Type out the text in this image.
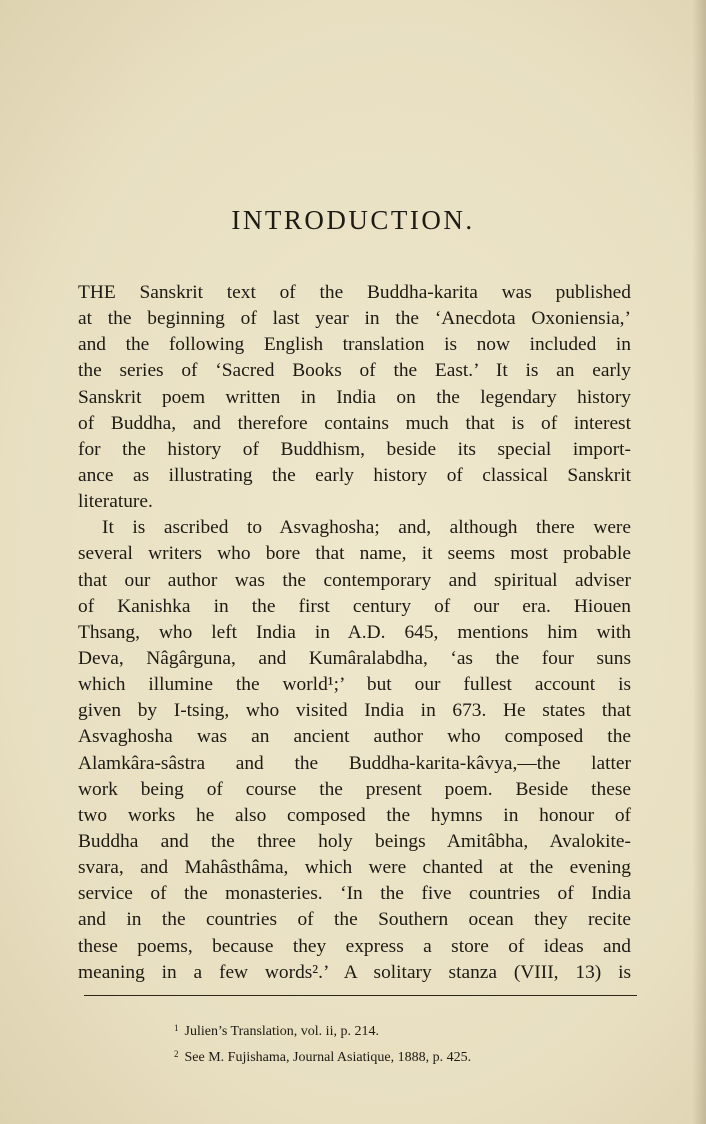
INTRODUCTION.
THE Sanskrit text of the Buddha-karita was published
at the beginning of last year in the ‘Anecdota Oxoniensia,’
and the following English translation is now included in
the series of ‘Sacred Books of the East.’ It is an early
Sanskrit poem written in India on the legendary history
of Buddha, and therefore contains much that is of interest
for the history of Buddhism, beside its special import-
ance as illustrating the early history of classical Sanskrit
literature.
It is ascribed to Asvaghosha; and, although there were
several writers who bore that name, it seems most probable
that our author was the contemporary and spiritual adviser
of Kanishka in the first century of our era. Hiouen
Thsang, who left India in A.D. 645, mentions him with
Deva, Nâgârguna, and Kumâralabdha, ‘as the four suns
which illumine the world¹;’ but our fullest account is
given by I-tsing, who visited India in 673. He states that
Asvaghosha was an ancient author who composed the
Alamkâra-sâstra and the Buddha-karita-kâvya,—the latter
work being of course the present poem. Beside these
two works he also composed the hymns in honour of
Buddha and the three holy beings Amitâbha, Avalokite-
svara, and Mahâsthâma, which were chanted at the evening
service of the monasteries. ‘In the five countries of India
and in the countries of the Southern ocean they recite
these poems, because they express a store of ideas and
meaning in a few words².’ A solitary stanza (VIII, 13) is
$^1$ Julien’s Translation, vol. ii, p. 214.
$^2$ See M. Fujishama, Journal Asiatique, 1888, p. 425.
